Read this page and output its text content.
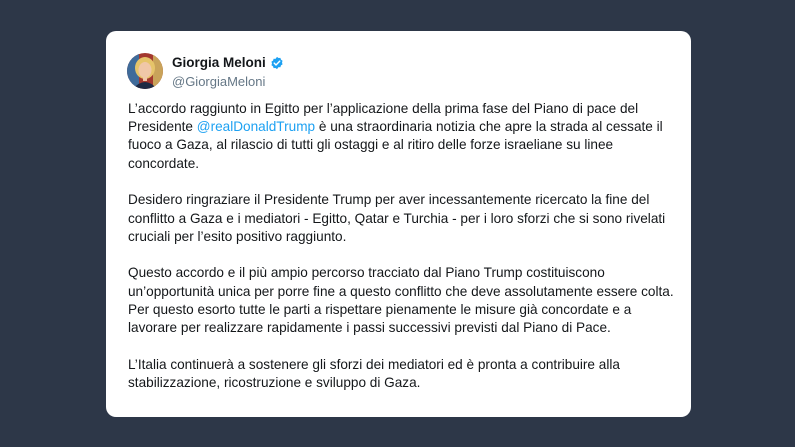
Giorgia Meloni
@GiorgiaMeloni

L’accordo raggiunto in Egitto per l’applicazione della prima fase del Piano di pace del Presidente @realDonaldTrump è una straordinaria notizia che apre la strada al cessate il fuoco a Gaza, al rilascio di tutti gli ostaggi e al ritiro delle forze israeliane su linee concordate.

Desidero ringraziare il Presidente Trump per aver incessantemente ricercato la fine del conflitto a Gaza e i mediatori - Egitto, Qatar e Turchia - per i loro sforzi che si sono rivelati cruciali per l’esito positivo raggiunto.

Questo accordo e il più ampio percorso tracciato dal Piano Trump costituiscono un’opportunità unica per porre fine a questo conflitto che deve assolutamente essere colta. Per questo esorto tutte le parti a rispettare pienamente le misure già concordate e a lavorare per realizzare rapidamente i passi successivi previsti dal Piano di Pace.

L’Italia continuerà a sostenere gli sforzi dei mediatori ed è pronta a contribuire alla stabilizzazione, ricostruzione e sviluppo di Gaza.
